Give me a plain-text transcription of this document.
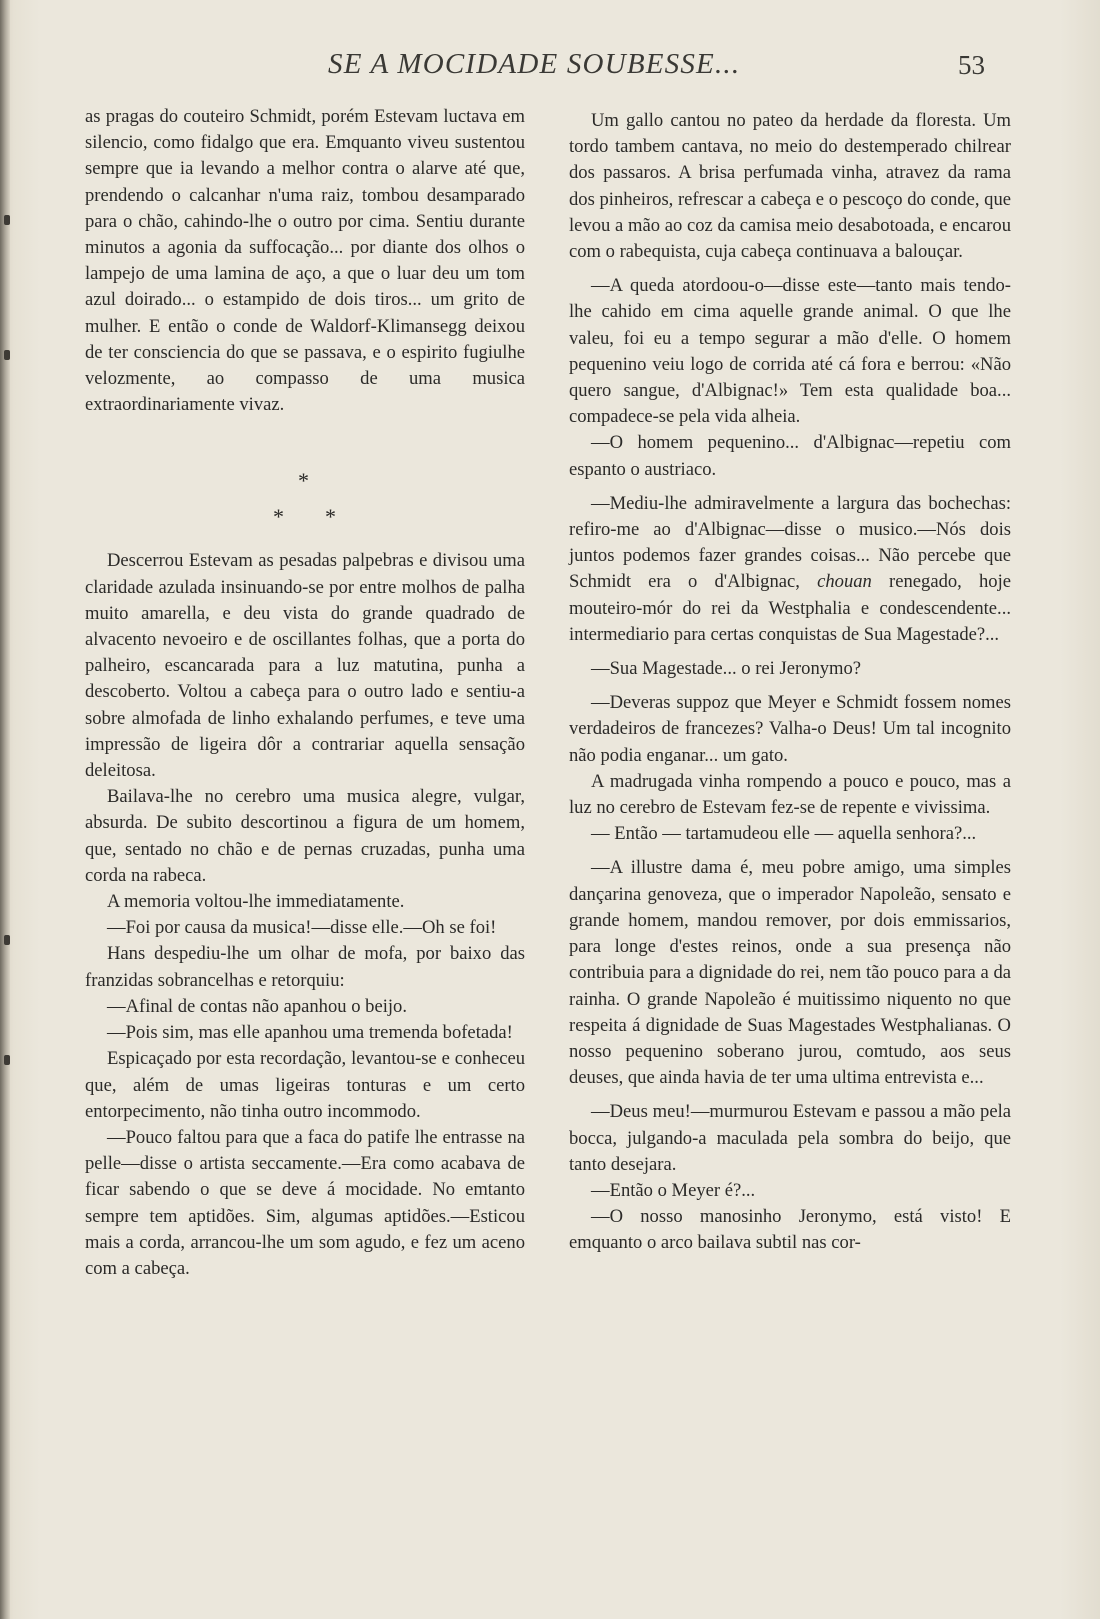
SE A MOCIDADE SOUBESSE...	53

as pragas do couteiro Schmidt, porém Estevam luctava em silencio, como fidalgo que era. Emquanto viveu sustentou sempre que ia levando a melhor contra o alarve até que, prendendo o calcanhar n'uma raiz, tombou desamparado para o chão, cahindo-lhe o outro por cima. Sentiu durante minutos a agonia da suffocação... por diante dos olhos o lampejo de uma lamina de aço, a que o luar deu um tom azul doirado... o estampido de dois tiros... um grito de mulher. E então o conde de Waldorf-Klimansegg deixou de ter consciencia do que se passava, e o espirito fugiulhe velozmente, ao compasso de uma musica extraordinariamente vivaz.

*
* *

Descerrou Estevam as pesadas palpebras e divisou uma claridade azulada insinuando-se por entre molhos de palha muito amarella, e deu vista do grande quadrado de alvacento nevoeiro e de oscillantes folhas, que a porta do palheiro, escancarada para a luz matutina, punha a descoberto. Voltou a cabeça para o outro lado e sentiu-a sobre almofada de linho exhalando perfumes, e teve uma impressão de ligeira dôr a contrariar aquella sensação deleitosa.

Bailava-lhe no cerebro uma musica alegre, vulgar, absurda. De subito descortinou a figura de um homem, que, sentado no chão e de pernas cruzadas, punha uma corda na rabeca.

A memoria voltou-lhe immediatamente.

—Foi por causa da musica!—disse elle.—Oh se foi!

Hans despediu-lhe um olhar de mofa, por baixo das franzidas sobrancelhas e retorquiu:

—Afinal de contas não apanhou o beijo.

—Pois sim, mas elle apanhou uma tremenda bofetada!

Espicaçado por esta recordação, levantou-se e conheceu que, além de umas ligeiras tonturas e um certo entorpecimento, não tinha outro incommodo.

—Pouco faltou para que a faca do patife lhe entrasse na pelle—disse o artista seccamente.—Era como acabava de ficar sabendo o que se deve á mocidade. No emtanto sempre tem aptidões. Sim, algumas aptidões.—Esticou mais a corda, arrancou-lhe um som agudo, e fez um aceno com a cabeça.

Um gallo cantou no pateo da herdade da floresta. Um tordo tambem cantava, no meio do destemperado chilrear dos passaros. A brisa perfumada vinha, atravez da rama dos pinheiros, refrescar a cabeça e o pescoço do conde, que levou a mão ao coz da camisa meio desabotoada, e encarou com o rabequista, cuja cabeça continuava a balouçar.

—A queda atordoou-o—disse este—tanto mais tendo-lhe cahido em cima aquelle grande animal. O que lhe valeu, foi eu a tempo segurar a mão d'elle. O homem pequenino veiu logo de corrida até cá fora e berrou: «Não quero sangue, d'Albignac!» Tem esta qualidade boa... compadece-se pela vida alheia.

—O homem pequenino... d'Albignac—repetiu com espanto o austriaco.

—Mediu-lhe admiravelmente a largura das bochechas: refiro-me ao d'Albignac—disse o musico.—Nós dois juntos podemos fazer grandes coisas... Não percebe que Schmidt era o d'Albignac, chouan renegado, hoje mouteiro-mór do rei da Westphalia e condescendente... intermediario para certas conquistas de Sua Magestade?...

—Sua Magestade... o rei Jeronymo?

—Deveras suppoz que Meyer e Schmidt fossem nomes verdadeiros de francezes? Valha-o Deus! Um tal incognito não podia enganar... um gato.

A madrugada vinha rompendo a pouco e pouco, mas a luz no cerebro de Estevam fez-se de repente e vivissima.

— Então — tartamudeou elle — aquella senhora?...

—A illustre dama é, meu pobre amigo, uma simples dançarina genoveza, que o imperador Napoleão, sensato e grande homem, mandou remover, por dois emmissarios, para longe d'estes reinos, onde a sua presença não contribuia para a dignidade do rei, nem tão pouco para a da rainha. O grande Napoleão é muitissimo niquento no que respeita á dignidade de Suas Magestades Westphalianas. O nosso pequenino soberano jurou, comtudo, aos seus deuses, que ainda havia de ter uma ultima entrevista e...

—Deus meu!—murmurou Estevam e passou a mão pela bocca, julgando-a maculada pela sombra do beijo, que tanto desejara.

—Então o Meyer é?...

—O nosso manosinho Jeronymo, está visto! E emquanto o arco bailava subtil nas cor-
